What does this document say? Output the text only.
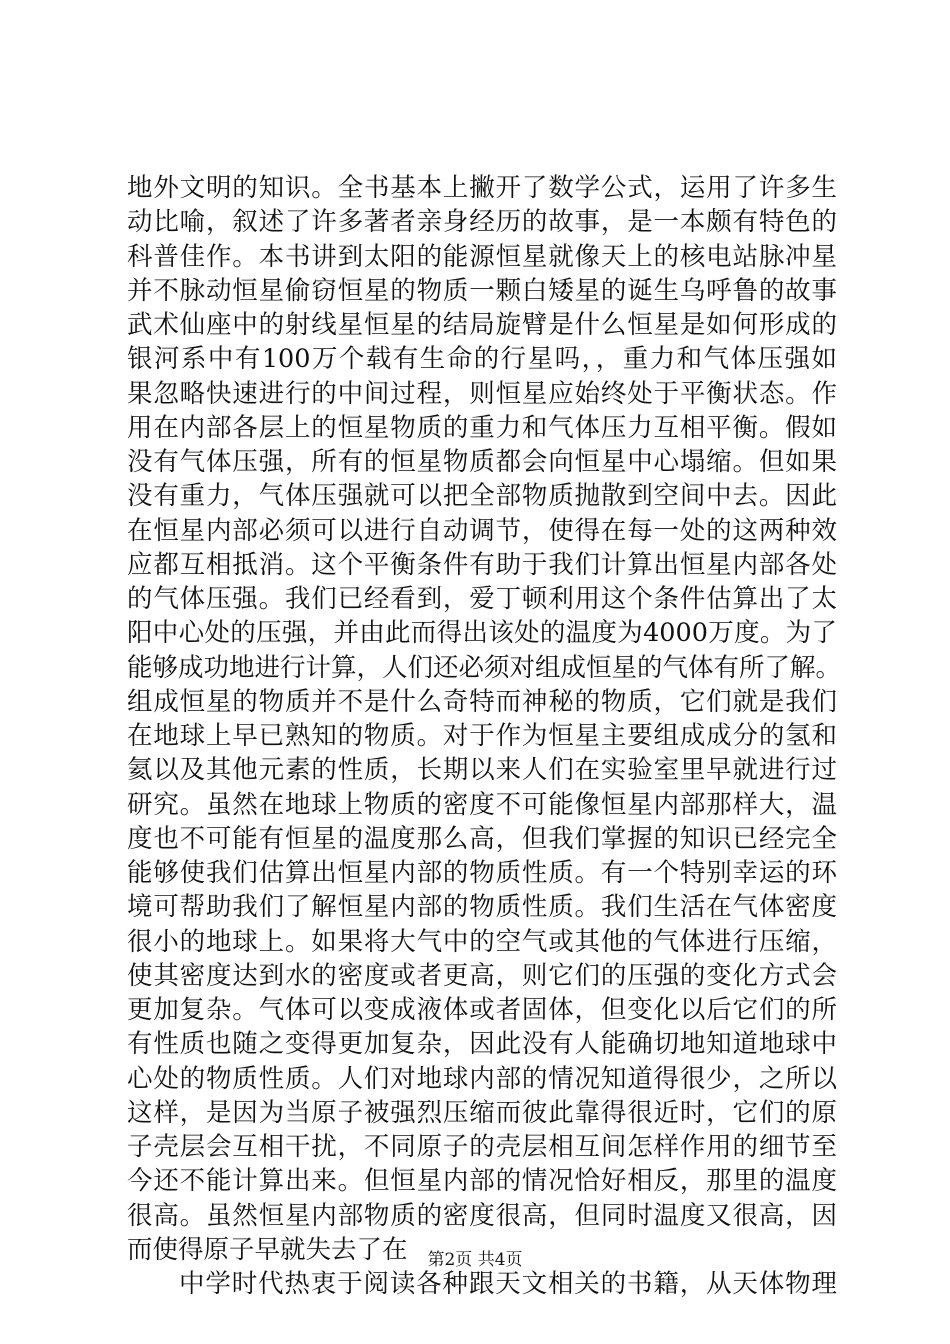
地外文明的知识。全书基本上撇开了数学公式，运用了许多生
动比喻，叙述了许多著者亲身经历的故事，是一本颇有特色的
科普佳作。本书讲到太阳的能源恒星就像天上的核电站脉冲星
并不脉动恒星偷窃恒星的物质一颗白矮星的诞生乌呼鲁的故事
武术仙座中的射线星恒星的结局旋臂是什么恒星是如何形成的
银河系中有100万个载有生命的行星吗，，重力和气体压强如
果忽略快速进行的中间过程，则恒星应始终处于平衡状态。作
用在内部各层上的恒星物质的重力和气体压力互相平衡。假如
没有气体压强，所有的恒星物质都会向恒星中心塌缩。但如果
没有重力，气体压强就可以把全部物质抛散到空间中去。因此
在恒星内部必须可以进行自动调节，使得在每一处的这两种效
应都互相抵消。这个平衡条件有助于我们计算出恒星内部各处
的气体压强。我们已经看到，爱丁顿利用这个条件估算出了太
阳中心处的压强，并由此而得出该处的温度为4000万度。为了
能够成功地进行计算，人们还必须对组成恒星的气体有所了解。
组成恒星的物质并不是什么奇特而神秘的物质，它们就是我们
在地球上早已熟知的物质。对于作为恒星主要组成成分的氢和
氦以及其他元素的性质，长期以来人们在实验室里早就进行过
研究。虽然在地球上物质的密度不可能像恒星内部那样大，温
度也不可能有恒星的温度那么高，但我们掌握的知识已经完全
能够使我们估算出恒星内部的物质性质。有一个特别幸运的环
境可帮助我们了解恒星内部的物质性质。我们生活在气体密度
很小的地球上。如果将大气中的空气或其他的气体进行压缩，
使其密度达到水的密度或者更高，则它们的压强的变化方式会
更加复杂。气体可以变成液体或者固体，但变化以后它们的所
有性质也随之变得更加复杂，因此没有人能确切地知道地球中
心处的物质性质。人们对地球内部的情况知道得很少，之所以
这样，是因为当原子被强烈压缩而彼此靠得很近时，它们的原
子壳层会互相干扰，不同原子的壳层相互间怎样作用的细节至
今还不能计算出来。但恒星内部的情况恰好相反，那里的温度
很高。虽然恒星内部物质的密度很高，但同时温度又很高，因
而使得原子早就失去了在
中学时代热衷于阅读各种跟天文相关的书籍，从天体物理
第2页 共4页
